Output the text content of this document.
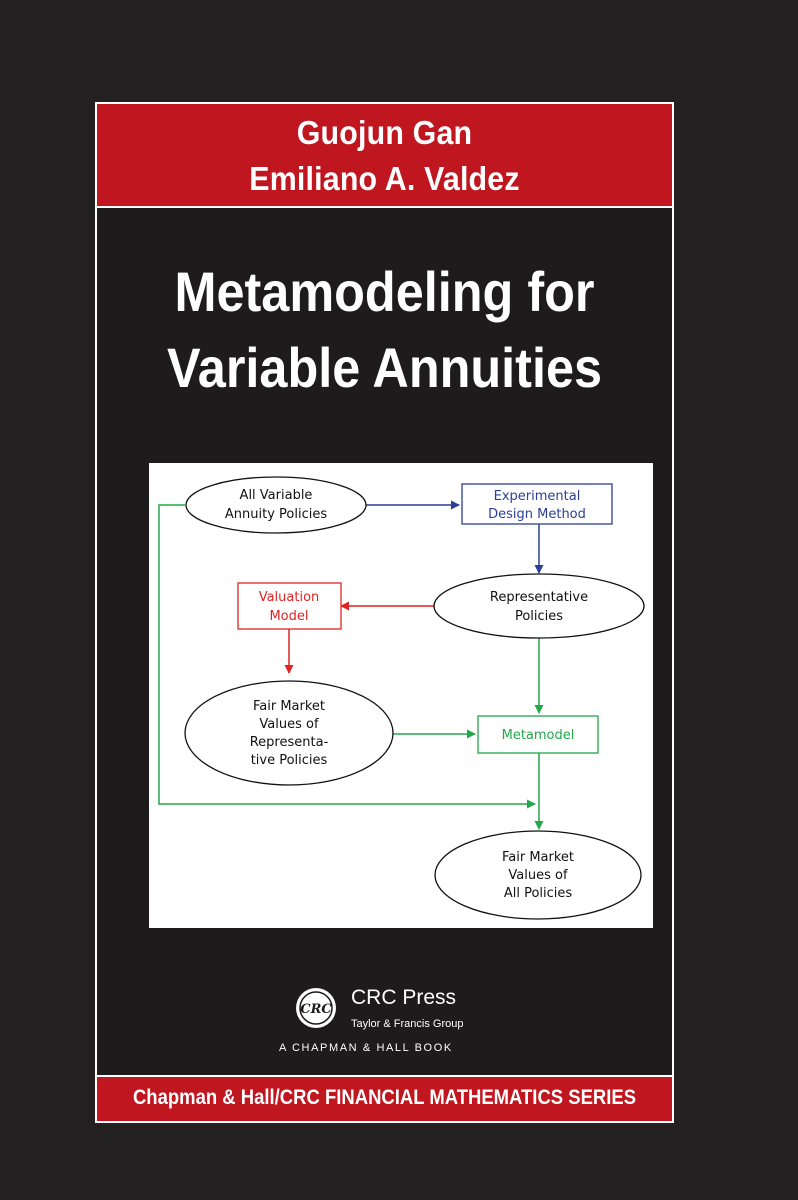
Guojun Gan
Emiliano A. Valdez
Metamodeling for
Variable Annuities
All Variable
Annuity Policies
Experimental
Design Method
Representative
Policies
Valuation
Model
Fair Market
Values of
Representa-
tive Policies
Metamodel
Fair Market
Values of
All Policies
CRC
CRC Press
Taylor & Francis Group
A CHAPMAN & HALL BOOK
Chapman & Hall/CRC FINANCIAL MATHEMATICS SERIES
